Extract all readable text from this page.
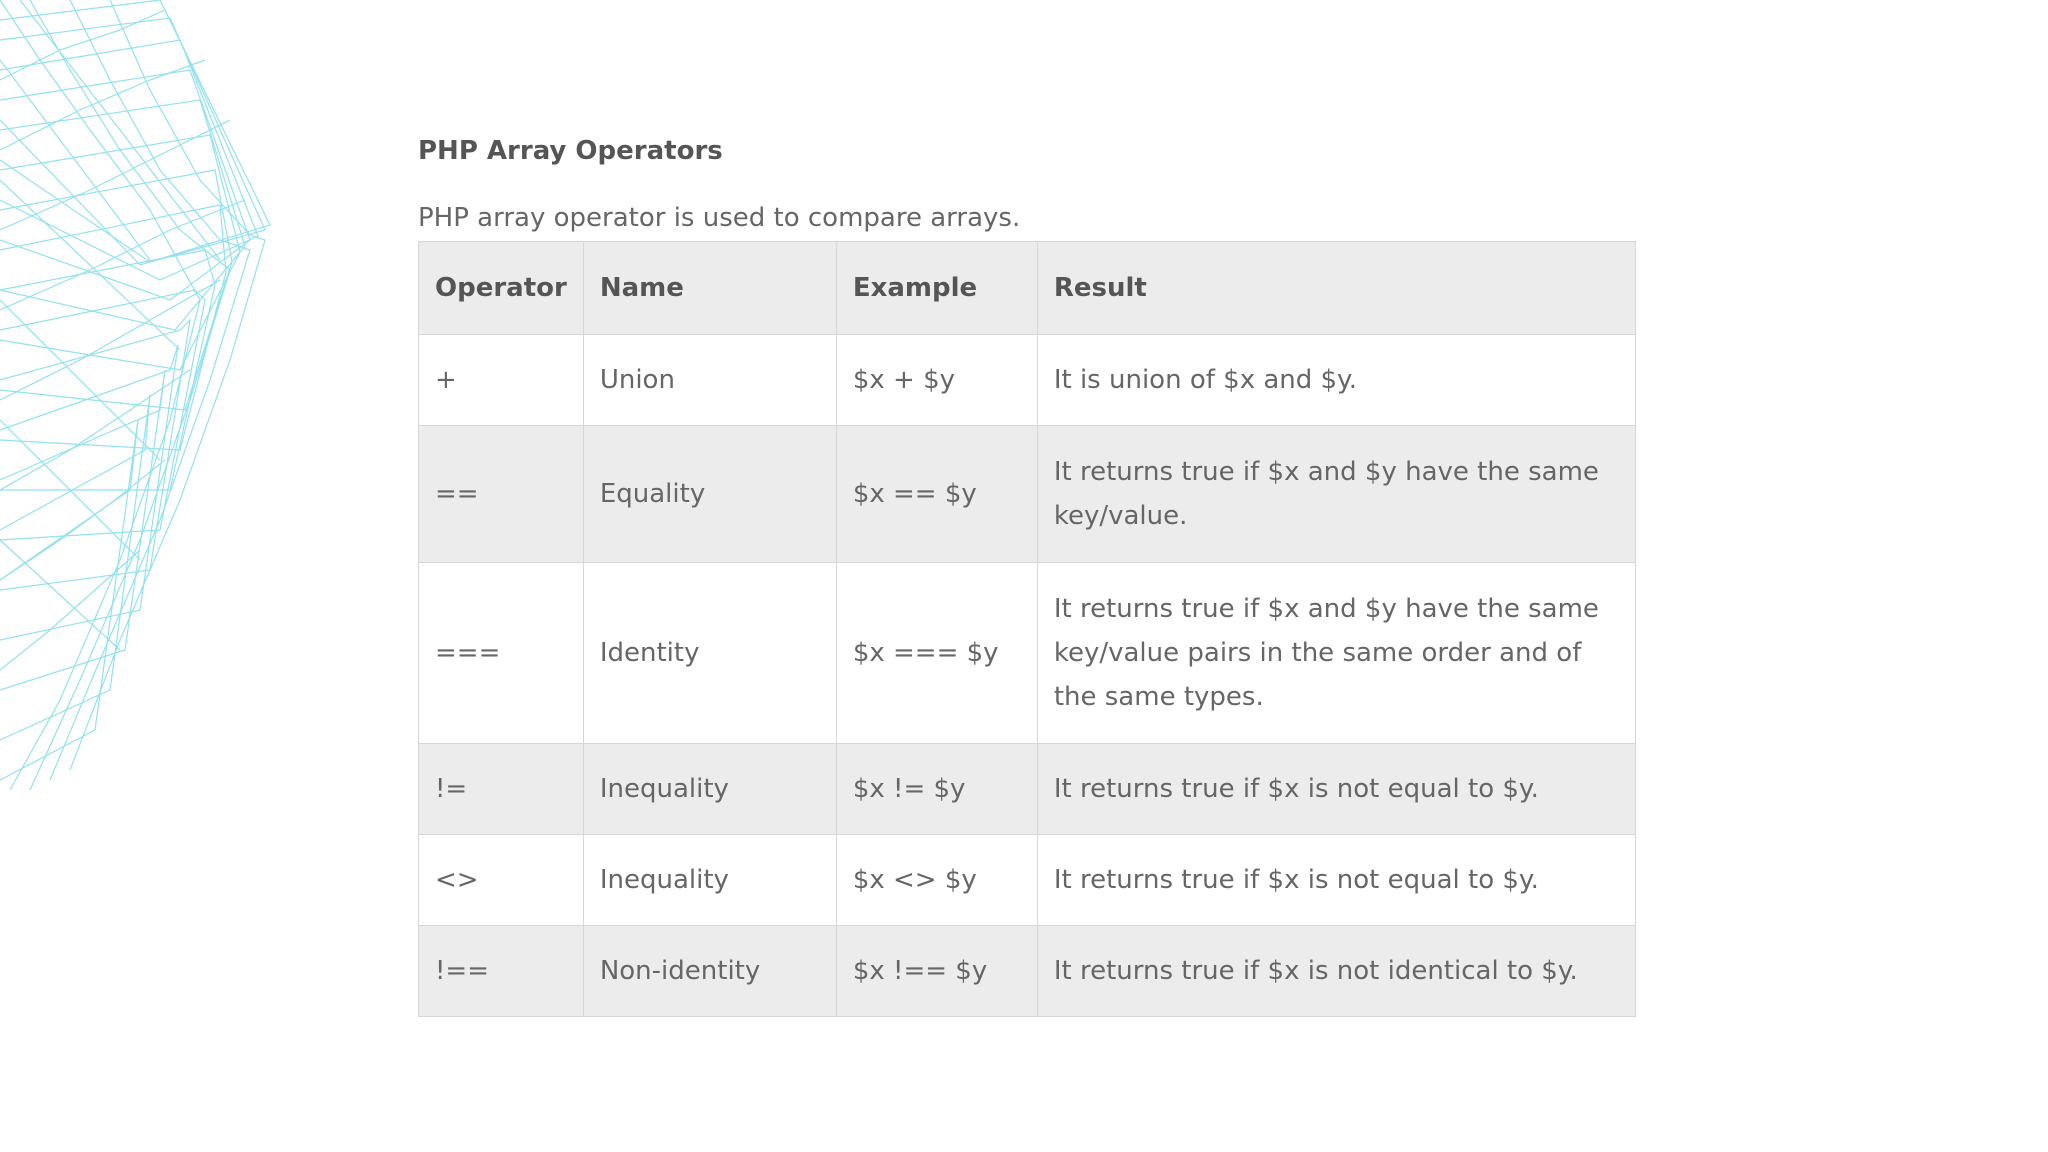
PHP Array Operators

PHP array operator is used to compare arrays.

Operator	Name	Example	Result
+	Union	$x + $y	It is union of $x and $y.
==	Equality	$x == $y	It returns true if $x and $y have the same key/value.
===	Identity	$x === $y	It returns true if $x and $y have the same key/value pairs in the same order and of the same types.
!=	Inequality	$x != $y	It returns true if $x is not equal to $y.
<>	Inequality	$x <> $y	It returns true if $x is not equal to $y.
!==	Non-identity	$x !== $y	It returns true if $x is not identical to $y.
